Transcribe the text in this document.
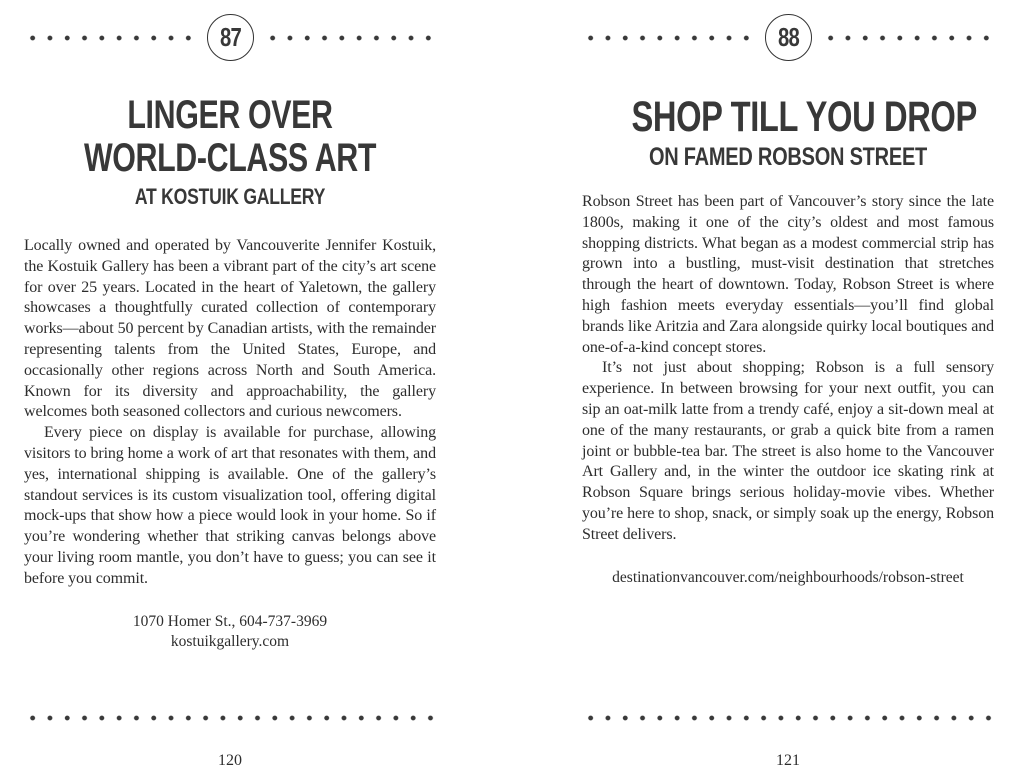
87
LINGER OVER
WORLD-CLASS ART
AT KOSTUIK GALLERY

Locally owned and operated by Vancouverite Jennifer Kostuik, the Kostuik Gallery has been a vibrant part of the city’s art scene for over 25 years. Located in the heart of Yaletown, the gallery showcases a thoughtfully curated collection of contemporary works—about 50 percent by Canadian artists, with the remainder representing talents from the United States, Europe, and occasionally other regions across North and South America. Known for its diversity and approachability, the gallery welcomes both seasoned collectors and curious newcomers.

Every piece on display is available for purchase, allowing visitors to bring home a work of art that resonates with them, and yes, international shipping is available. One of the gallery’s standout services is its custom visualization tool, offering digital mock-ups that show how a piece would look in your home. So if you’re wondering whether that striking canvas belongs above your living room mantle, you don’t have to guess; you can see it before you commit.

1070 Homer St., 604-737-3969
kostuikgallery.com
120
88
SHOP TILL YOU DROP
ON FAMED ROBSON STREET

Robson Street has been part of Vancouver’s story since the late 1800s, making it one of the city’s oldest and most famous shopping districts. What began as a modest commercial strip has grown into a bustling, must-visit destination that stretches through the heart of downtown. Today, Robson Street is where high fashion meets everyday essentials—you’ll find global brands like Aritzia and Zara alongside quirky local boutiques and one-of-a-kind concept stores.

It’s not just about shopping; Robson is a full sensory experience. In between browsing for your next outfit, you can sip an oat-milk latte from a trendy café, enjoy a sit-down meal at one of the many restaurants, or grab a quick bite from a ramen joint or bubble-tea bar. The street is also home to the Vancouver Art Gallery and, in the winter the outdoor ice skating rink at Robson Square brings serious holiday-movie vibes. Whether you’re here to shop, snack, or simply soak up the energy, Robson Street delivers.

destinationvancouver.com/neighbourhoods/robson-street
121
